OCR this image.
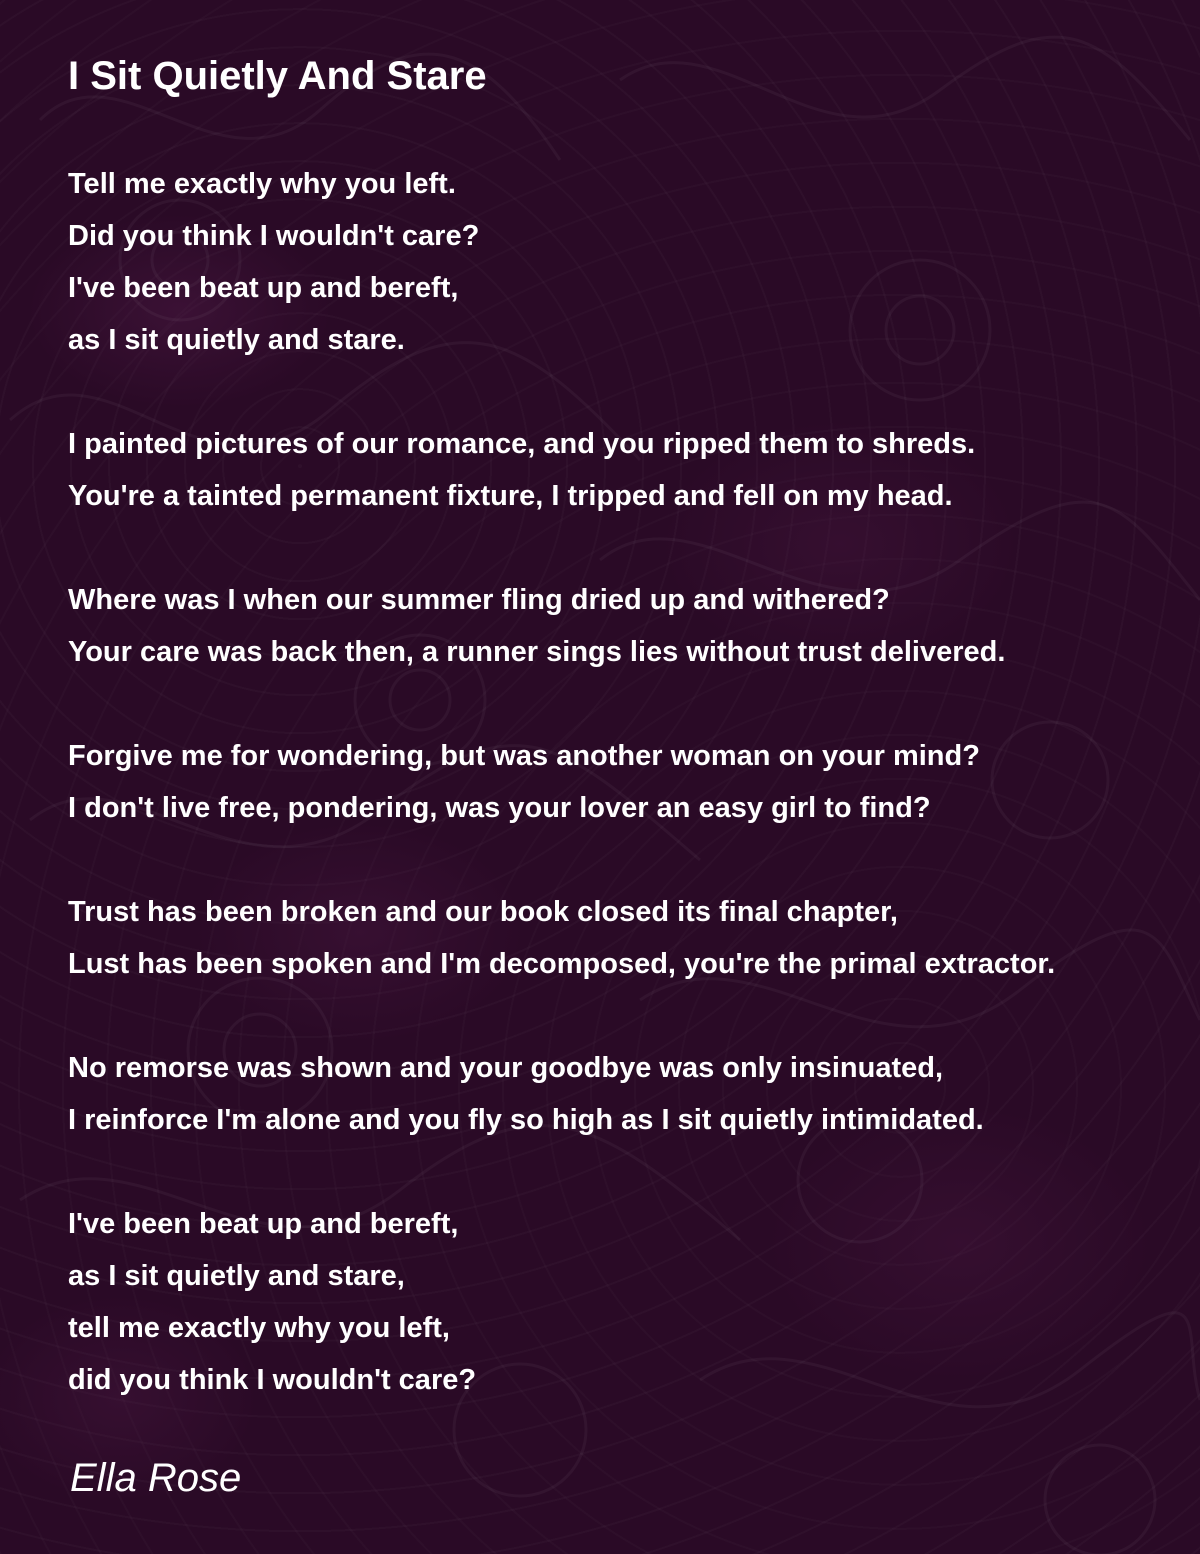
I Sit Quietly And Stare
Tell me exactly why you left.
Did you think I wouldn't care?
I've been beat up and bereft,
as I sit quietly and stare.
I painted pictures of our romance, and you ripped them to shreds.
You're a tainted permanent fixture, I tripped and fell on my head.
Where was I when our summer fling dried up and withered?
Your care was back then, a runner sings lies without trust delivered.
Forgive me for wondering, but was another woman on your mind?
I don't live free, pondering, was your lover an easy girl to find?
Trust has been broken and our book closed its final chapter,
Lust has been spoken and I'm decomposed, you're the primal extractor.
No remorse was shown and your goodbye was only insinuated,
I reinforce I'm alone and you fly so high as I sit quietly intimidated.
I've been beat up and bereft,
as I sit quietly and stare,
tell me exactly why you left,
did you think I wouldn't care?
Ella Rose
